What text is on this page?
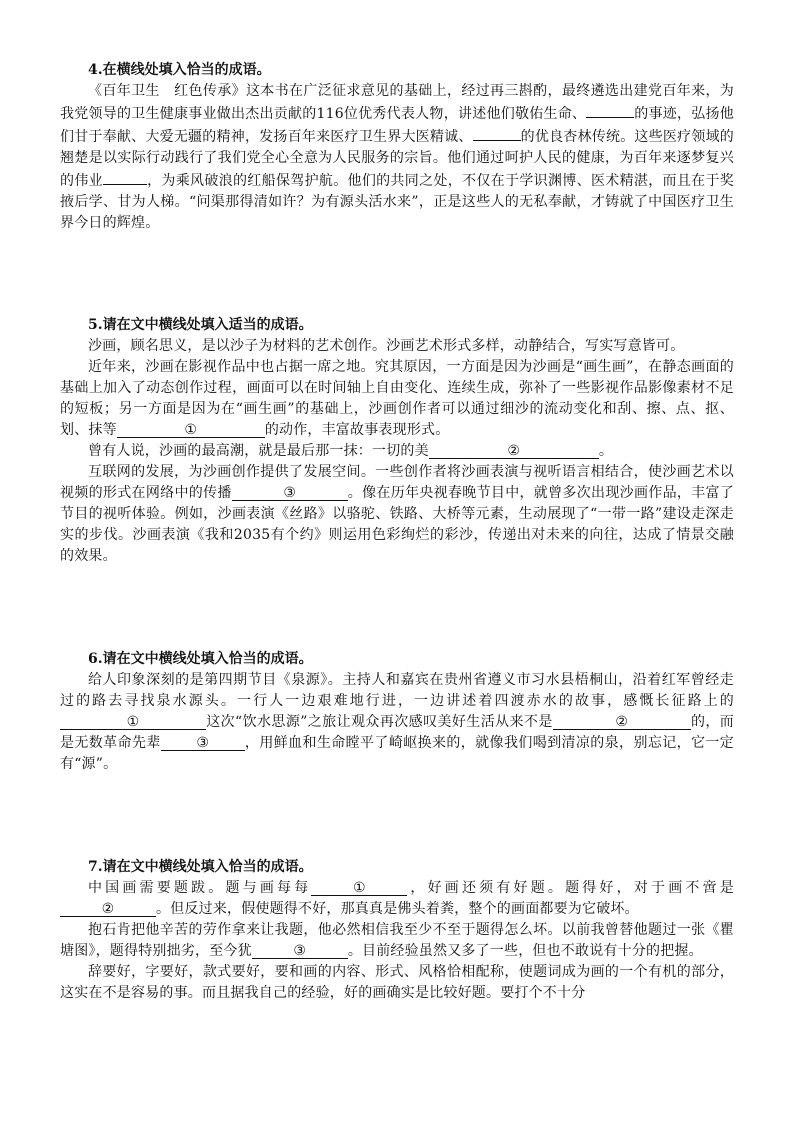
4.在横线处填入恰当的成语。

《百年卫生　红色传承》这本书在广泛征求意见的基础上，经过再三斟酌，最终遴选出建党百年来，为我党领导的卫生健康事业做出杰出贡献的116位优秀代表人物，讲述他们敬佑生命、	的事迹，弘扬他们甘于奉献、大爱无疆的精神，发扬百年来医疗卫生界大医精诚、	的优良杏林传统。这些医疗领域的翘楚是以实际行动践行了我们党全心全意为人民服务的宗旨。他们通过呵护人民的健康，为百年来逐梦复兴的伟业	，为乘风破浪的红船保驾护航。他们的共同之处，不仅在于学识渊博、医术精湛，而且在于奖掖后学、甘为人梯。“问渠那得清如许？为有源头活水来”，正是这些人的无私奉献，才铸就了中国医疗卫生界今日的辉煌。

5.请在文中横线处填入适当的成语。

沙画，顾名思义，是以沙子为材料的艺术创作。沙画艺术形式多样，动静结合，写实写意皆可。

近年来，沙画在影视作品中也占据一席之地。究其原因，一方面是因为沙画是“画生画”，在静态画面的基础上加入了动态创作过程，画面可以在时间轴上自由变化、连续生成，弥补了一些影视作品影像素材不足的短板；另一方面是因为在“画生画”的基础上，沙画创作者可以通过细沙的流动变化和刮、擦、点、抠、划、抹等	①	的动作，丰富故事表现形式。

曾有人说，沙画的最高潮，就是最后那一抹：一切的美	②	。

互联网的发展，为沙画创作提供了发展空间。一些创作者将沙画表演与视听语言相结合，使沙画艺术以视频的形式在网络中的传播	③	。像在历年央视春晚节目中，就曾多次出现沙画作品，丰富了节目的视听体验。例如，沙画表演《丝路》以骆驼、铁路、大桥等元素，生动展现了“一带一路”建设走深走实的步伐。沙画表演《我和2035有个约》则运用色彩绚烂的彩沙，传递出对未来的向往，达成了情景交融的效果。

6.请在文中横线处填入恰当的成语。

给人印象深刻的是第四期节目《泉源》。主持人和嘉宾在贵州省遵义市习水县梧桐山，沿着红军曾经走过的路去寻找泉水源头。一行人一边艰难地行进，一边讲述着四渡赤水的故事，感慨长征路上的①	这次“饮水思源”之旅让观众再次感叹美好生活从来不是	②	的，而是无数革命先辈	③	，用鲜血和生命瞠平了崎岖换来的，就像我们喝到清凉的泉，别忘记，它一定有“源”。

7.请在文中横线处填入恰当的成语。

中国画需要题跋。题与画每每	①	，好画还须有好题。题得好，对于画不啻是②	。但反过来，假使题得不好，那真真是佛头着粪，整个的画面都要为它破坏。

抱石肯把他辛苦的劳作拿来让我题，他必然相信我至少不至于题得怎么坏。以前我曾替他题过一张《瞿塘图》，题得特别拙劣，至今犹	③	。目前经验虽然又多了一些，但也不敢说有十分的把握。

辞要好，字要好，款式要好，要和画的内容、形式、风格恰相配称，使题词成为画的一个有机的部分，这实在不是容易的事。而且据我自己的经验，好的画确实是比较好题。要打个不十分
